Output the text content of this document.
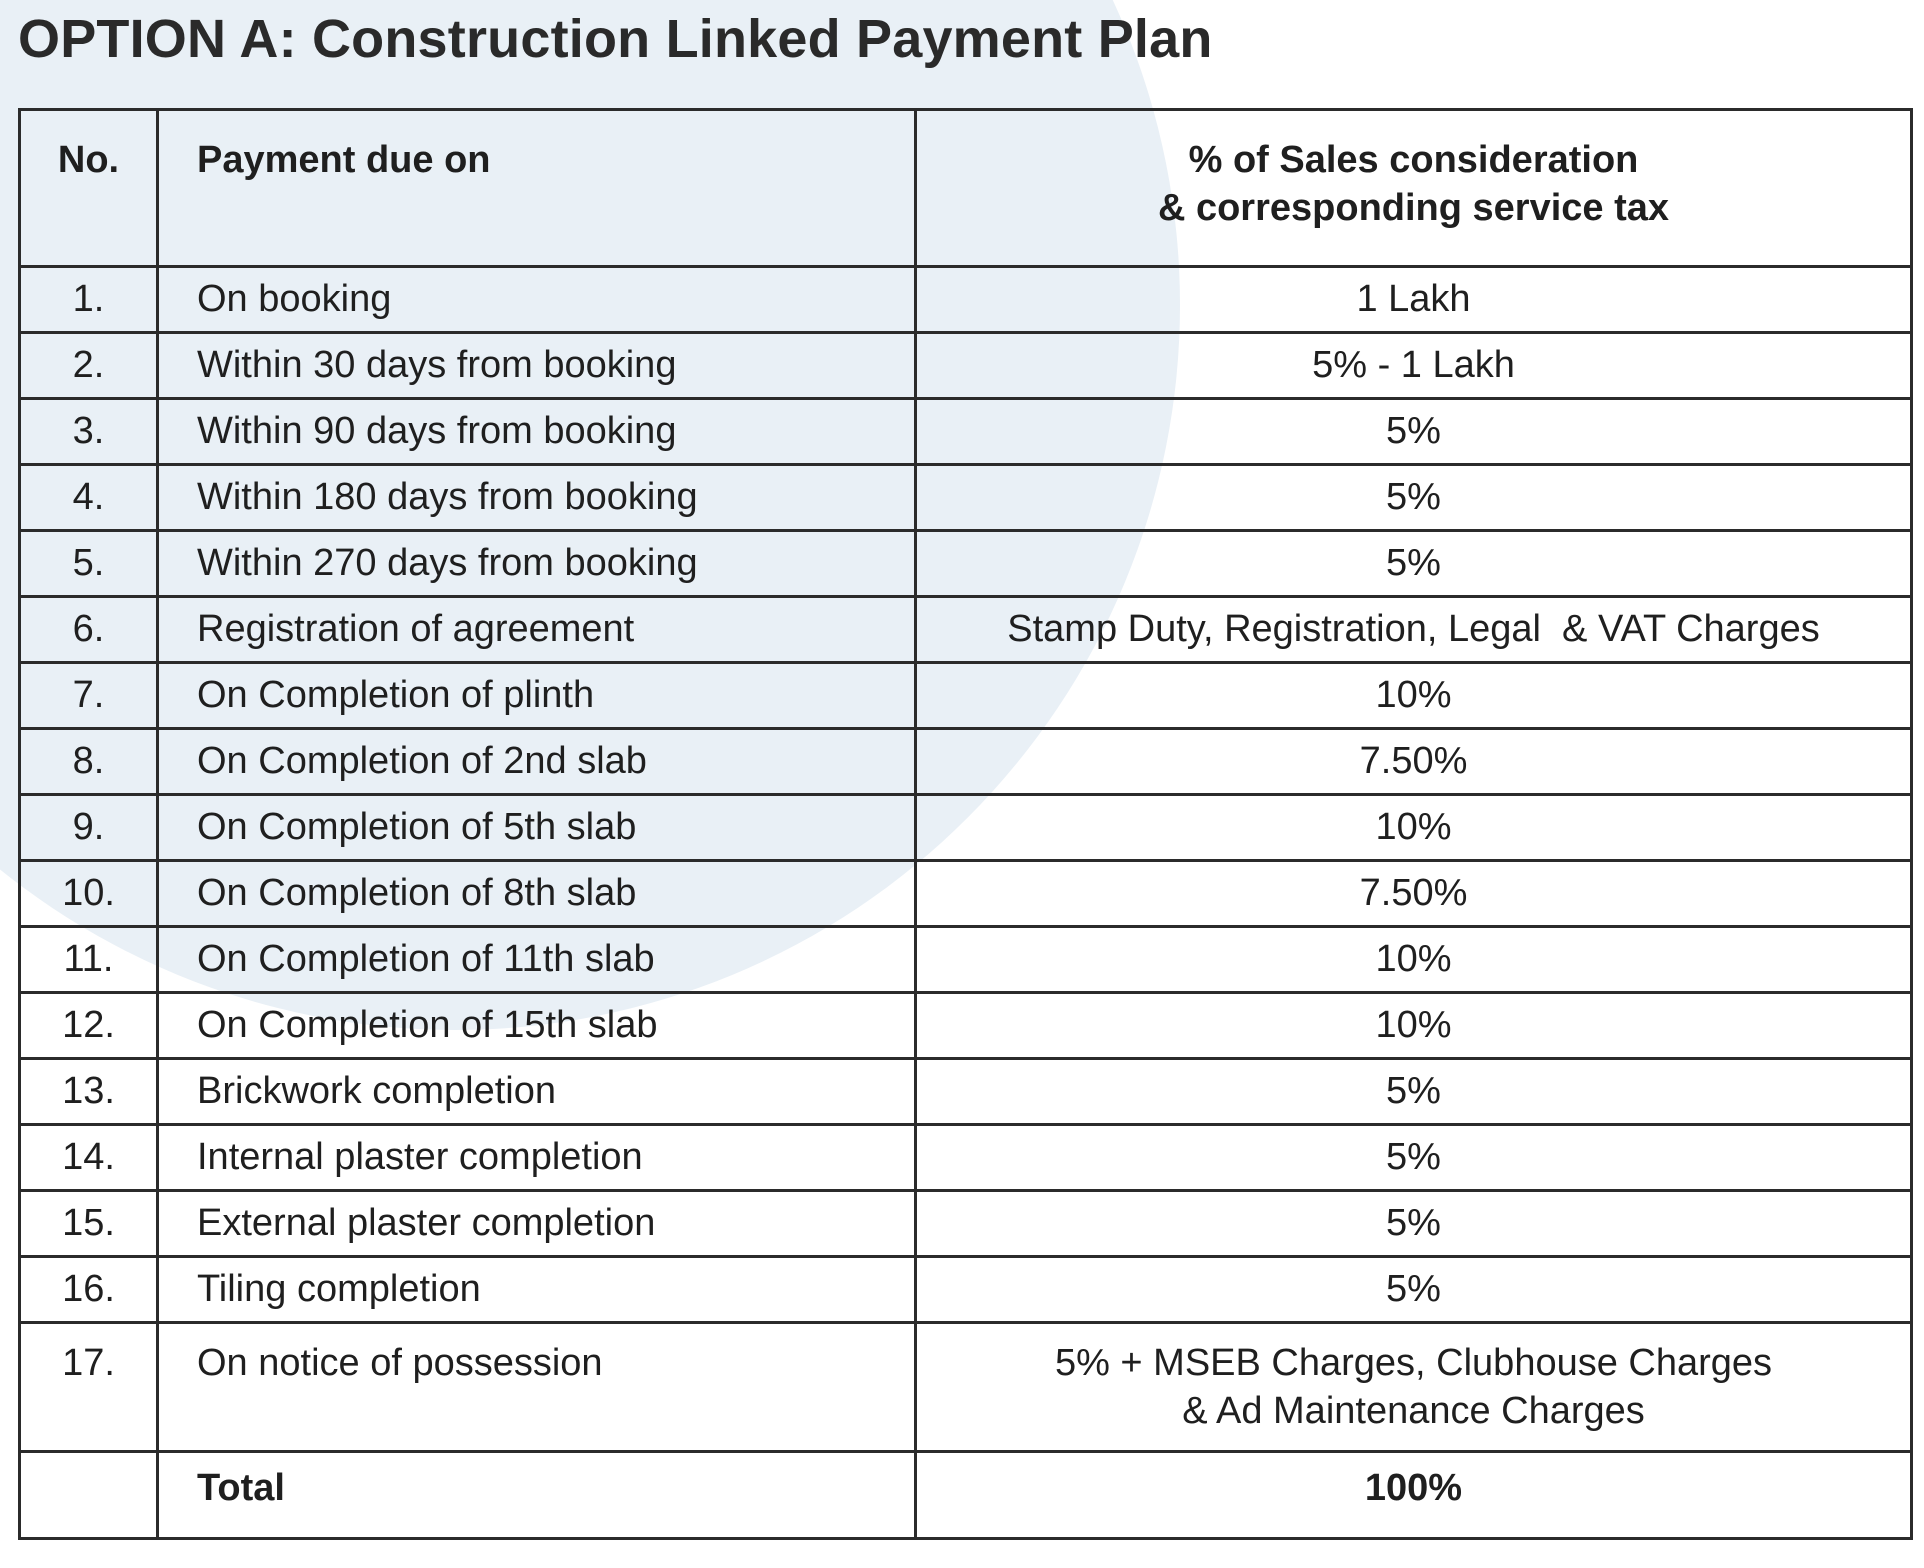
OPTION A: Construction Linked Payment Plan
No.	Payment due on	% of Sales consideration
& corresponding service tax

1.	On booking	1 Lakh
2.	Within 30 days from booking	5% - 1 Lakh
3.	Within 90 days from booking	5%
4.	Within 180 days from booking	5%
5.	Within 270 days from booking	5%
6.	Registration of agreement	Stamp Duty, Registration, Legal  & VAT Charges
7.	On Completion of plinth	10%
8.	On Completion of 2nd slab	7.50%
9.	On Completion of 5th slab	10%
10.	On Completion of 8th slab	7.50%
11.	On Completion of 11th slab	10%
12.	On Completion of 15th slab	10%
13.	Brickwork completion	5%
14.	Internal plaster completion	5%
15.	External plaster completion	5%
16.	Tiling completion	5%
17.	On notice of possession	5% + MSEB Charges, Clubhouse Charges
& Ad Maintenance Charges

	Total	100%
